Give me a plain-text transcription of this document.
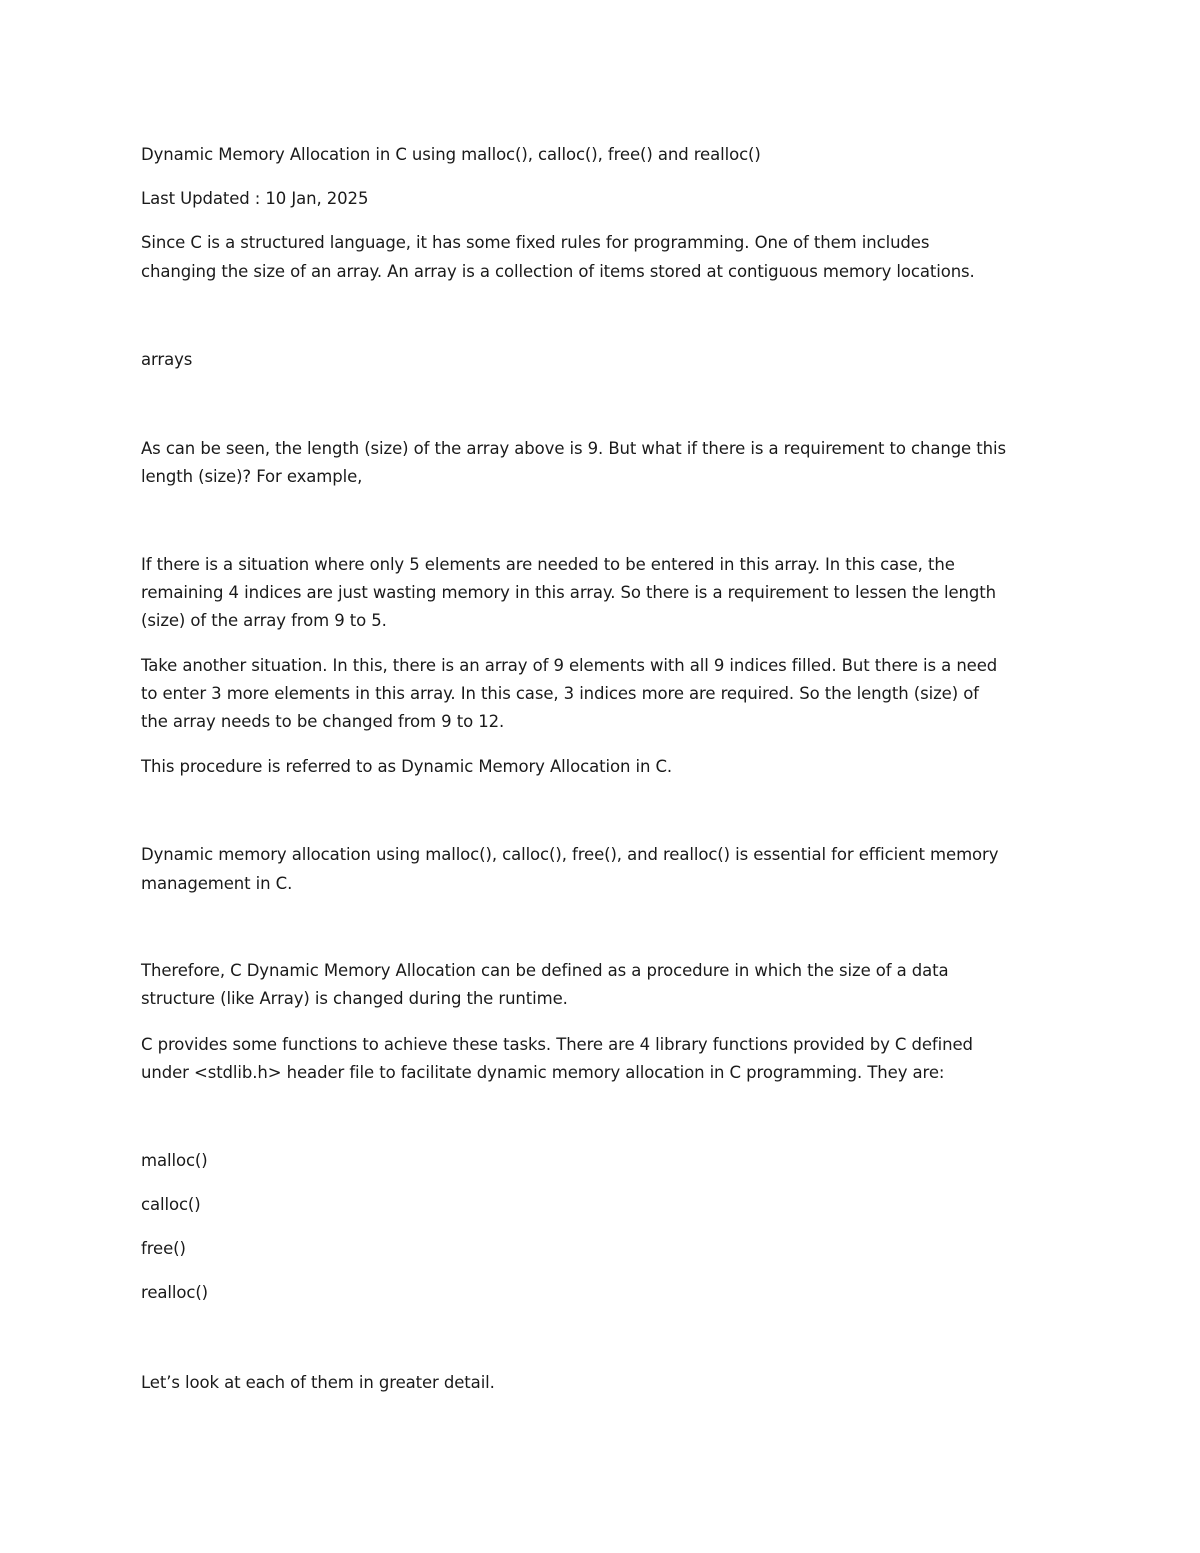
Dynamic Memory Allocation in C using malloc(), calloc(), free() and realloc()

Last Updated : 10 Jan, 2025

Since C is a structured language, it has some fixed rules for programming. One of them includes

changing the size of an array. An array is a collection of items stored at contiguous memory locations.

arrays

As can be seen, the length (size) of the array above is 9. But what if there is a requirement to change this

length (size)? For example,

If there is a situation where only 5 elements are needed to be entered in this array. In this case, the

remaining 4 indices are just wasting memory in this array. So there is a requirement to lessen the length

(size) of the array from 9 to 5.

Take another situation. In this, there is an array of 9 elements with all 9 indices filled. But there is a need

to enter 3 more elements in this array. In this case, 3 indices more are required. So the length (size) of

the array needs to be changed from 9 to 12.

This procedure is referred to as Dynamic Memory Allocation in C.

Dynamic memory allocation using malloc(), calloc(), free(), and realloc() is essential for efficient memory

management in C.

Therefore, C Dynamic Memory Allocation can be defined as a procedure in which the size of a data

structure (like Array) is changed during the runtime.

C provides some functions to achieve these tasks. There are 4 library functions provided by C defined

under <stdlib.h> header file to facilitate dynamic memory allocation in C programming. They are:

malloc()

calloc()

free()

realloc()

Let’s look at each of them in greater detail.
